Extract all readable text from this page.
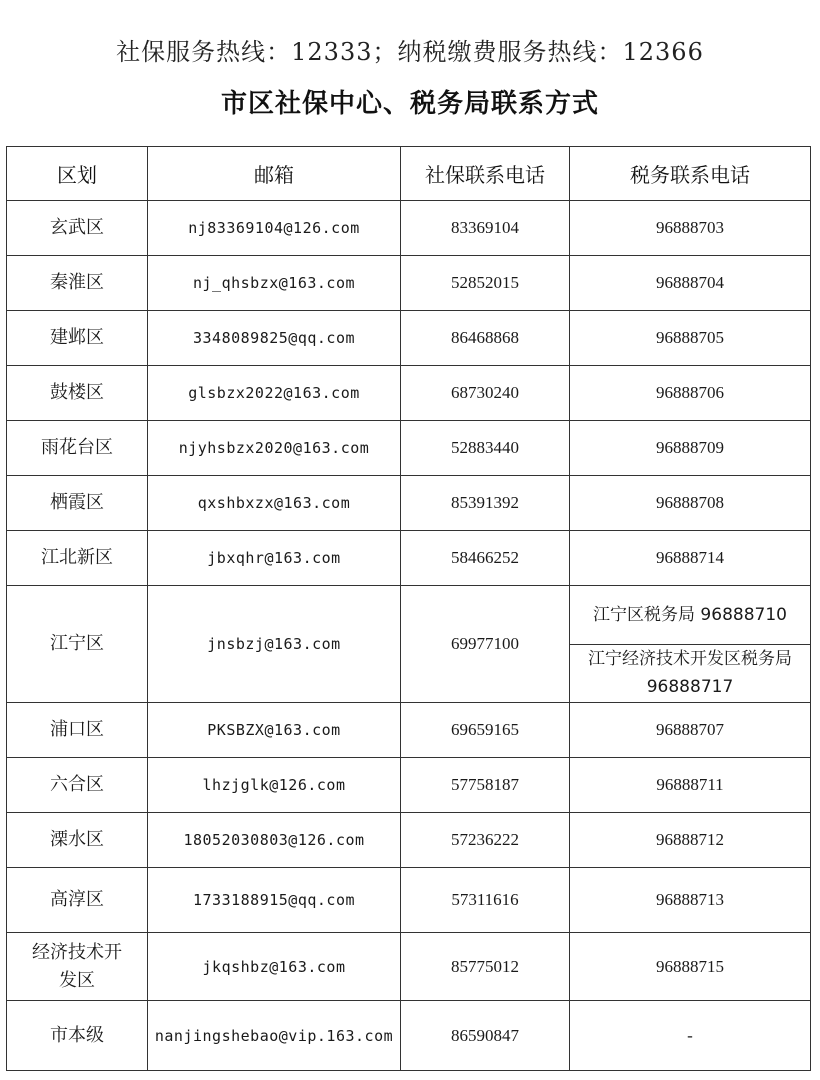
社保服务热线：12333；纳税缴费服务热线：12366
市区社保中心、税务局联系方式
区划	邮箱	社保联系电话	税务联系电话
玄武区	nj83369104@126.com	83369104	96888703
秦淮区	nj_qhsbzx@163.com	52852015	96888704
建邺区	3348089825@qq.com	86468868	96888705
鼓楼区	glsbzx2022@163.com	68730240	96888706
雨花台区	njyhsbzx2020@163.com	52883440	96888709
栖霞区	qxshbxzx@163.com	85391392	96888708
江北新区	jbxqhr@163.com	58466252	96888714
江宁区	jnsbzj@163.com	69977100	江宁区税务局 96888710
江宁经济技术开发区税务局 96888717

浦口区	PKSBZX@163.com	69659165	96888707
六合区	lhzjglk@126.com	57758187	96888711
溧水区	18052030803@126.com	57236222	96888712
高淳区	1733188915@qq.com	57311616	96888713
经济技术开发区	jkqshbz@163.com	85775012	96888715
市本级	nanjingshebao@vip.163.com	86590847	-
